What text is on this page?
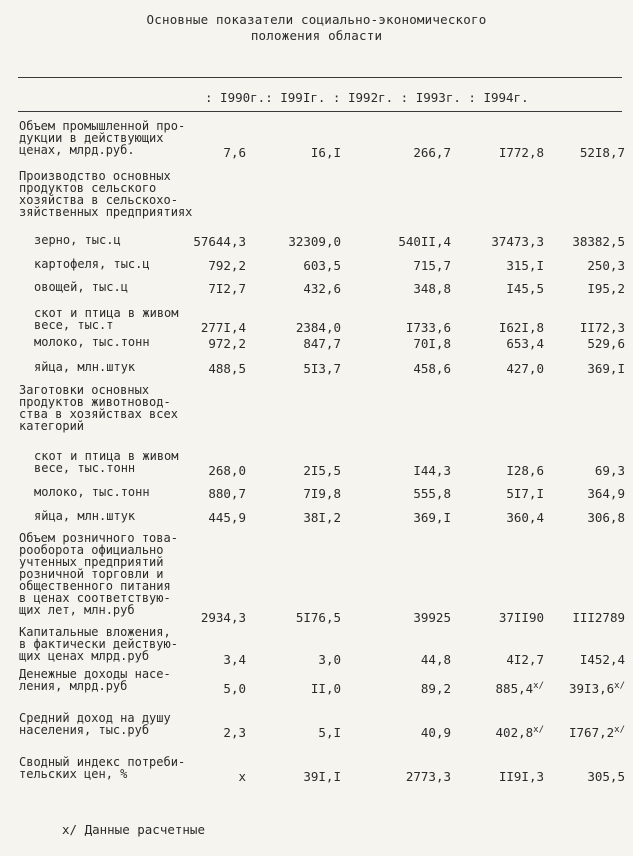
Основные показатели социально-экономического
положения области
: I990г.: I99Iг. : I992г. : I993г. : I994г.
Объем промышленной про-
дукции в действующих
ценах, млрд.руб.	7,6	I6,I	266,7	I772,8	52I8,7
Производство основных
продуктов сельского
хозяйства в сельскохо-
зяйственных предприятиях
зерно, тыс.ц	57644,3	32309,0	540II,4	37473,3	38382,5
картофеля, тыс.ц	792,2	603,5	715,7	315,I	250,3
овощей, тыс.ц	7I2,7	432,6	348,8	I45,5	I95,2
скот и птица в живом
весе, тыс.т	277I,4	2384,0	I733,6	I62I,8	II72,3
молоко, тыс.тонн	972,2	847,7	70I,8	653,4	529,6
яйца, млн.штук	488,5	5I3,7	458,6	427,0	369,I
Заготовки основных
продуктов животновод-
ства в хозяйствах всех
категорий
скот и птица в живом
весе, тыс.тонн	268,0	2I5,5	I44,3	I28,6	69,3
молоко, тыс.тонн	880,7	7I9,8	555,8	5I7,I	364,9
яйца, млн.штук	445,9	38I,2	369,I	360,4	306,8
Объем розничного това-
рооборота официально
учтенных предприятий
розничной торговли и
общественного питания
в ценах соответствую-
щих лет, млн.руб	2934,3	5I76,5	39925	37II90	III2789
Капитальные вложения,
в фактически действую-
щих ценах млрд.руб	3,4	3,0	44,8	4I2,7	I452,4
Денежные доходы насе-
ления, млрд.руб	5,0	II,0	89,2	$885,4^{x/}$	$39I3,6^{x/}$
Средний доход на душу
населения, тыс.руб	2,3	5,I	40,9	$402,8^{x/}$	$I767,2^{x/}$
Сводный индекс потреби-
тельских цен, %	x	39I,I	2773,3	II9I,3	305,5
x/ Данные расчетные
